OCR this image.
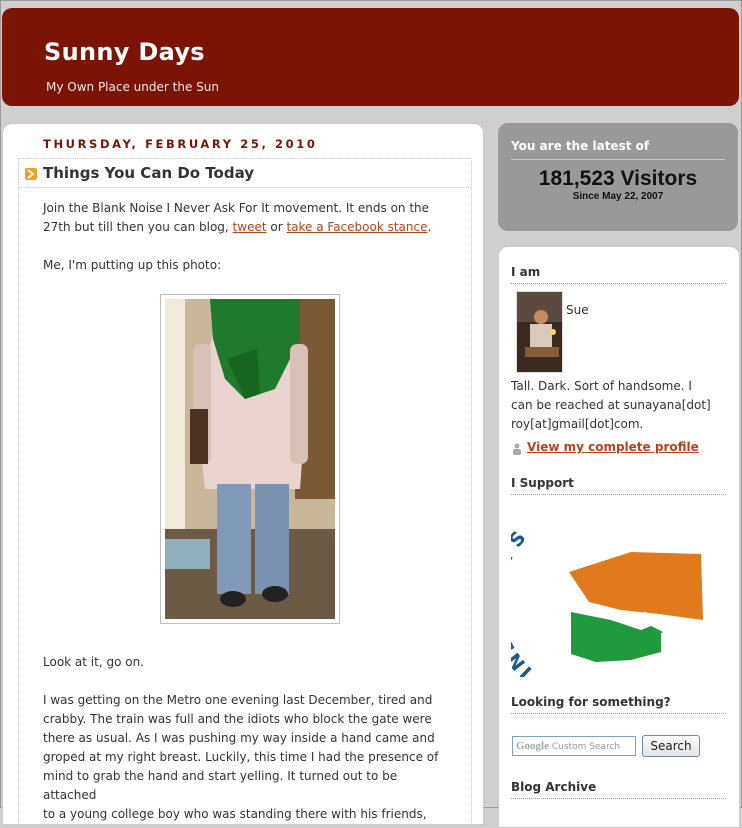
Sunny Days
My Own Place under the Sun
THURSDAY, FEBRUARY 25, 2010
Things You Can Do Today
Join the Blank Noise I Never Ask For It movement. It ends on the
27th but till then you can blog, tweet or take a Facebook stance.
Me, I'm putting up this photo:
Look at it, go on.
I was getting on the Metro one evening last December, tired and
crabby. The train was full and the idiots who block the gate were
there as usual. As I was pushing my way inside a hand came and
groped at my right breast. Luckily, this time I had the presence of
mind to grab the hand and start yelling. It turned out to be attached
to a young college boy who was standing there with his friends,
You are the latest of
181,523 Visitors
Since May 22, 2007
I am
Sue
Tall. Dark. Sort of handsome. I
can be reached at sunayana[dot]
roy[at]gmail[dot]com.
View my complete profile
I Support
I
Looking for something?
Google Custom Search	Search
Blog Archive
